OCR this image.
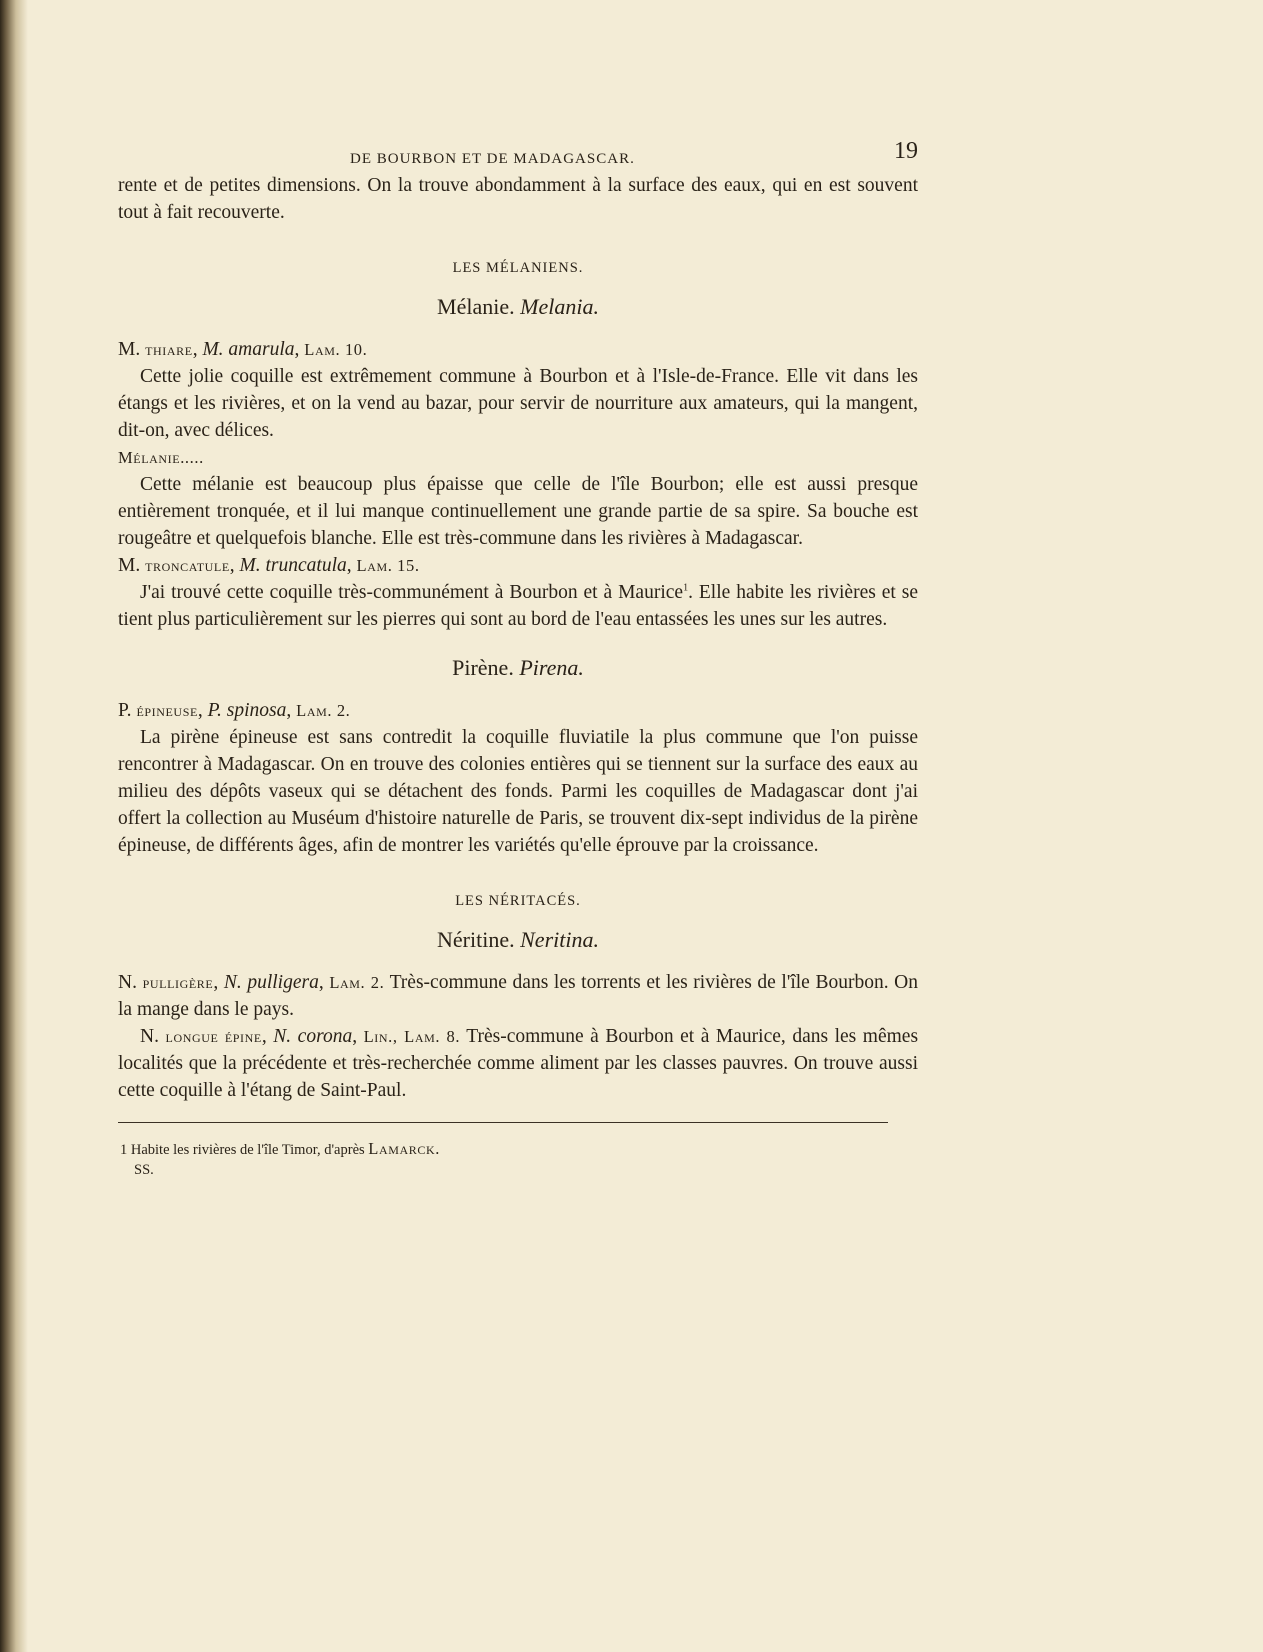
DE BOURBON ET DE MADAGASCAR.	19

rente et de petites dimensions. On la trouve abondamment à la surface des eaux, qui en est souvent tout à fait recouverte.

LES MÉLANIENS.
Mélanie. Melania.

M. thiare, M. amarula, Lam. 10.

Cette jolie coquille est extrêmement commune à Bourbon et à l'Isle-de-France. Elle vit dans les étangs et les rivières, et on la vend au bazar, pour servir de nourriture aux amateurs, qui la mangent, dit-on, avec délices.

Mélanie.....

Cette mélanie est beaucoup plus épaisse que celle de l'île Bourbon; elle est aussi presque entièrement tronquée, et il lui manque continuellement une grande partie de sa spire. Sa bouche est rougeâtre et quelquefois blanche. Elle est très-commune dans les rivières à Madagascar.

M. troncatule, M. truncatula, Lam. 15.

J'ai trouvé cette coquille très-communément à Bourbon et à Maurice$^1$. Elle habite les rivières et se tient plus particulièrement sur les pierres qui sont au bord de l'eau entassées les unes sur les autres.

Pirène. Pirena.

P. épineuse, P. spinosa, Lam. 2.

La pirène épineuse est sans contredit la coquille fluviatile la plus commune que l'on puisse rencontrer à Madagascar. On en trouve des colonies entières qui se tiennent sur la surface des eaux au milieu des dépôts vaseux qui se détachent des fonds. Parmi les coquilles de Madagascar dont j'ai offert la collection au Muséum d'histoire naturelle de Paris, se trouvent dix-sept individus de la pirène épineuse, de différents âges, afin de montrer les variétés qu'elle éprouve par la croissance.

LES NÉRITACÉS.
Néritine. Neritina.

N. pulligère, N. pulligera, Lam. 2. Très-commune dans les torrents et les rivières de l'île Bourbon. On la mange dans le pays.

N. longue épine, N. corona, Lin., Lam. 8. Très-commune à Bourbon et à Maurice, dans les mêmes localités que la précédente et très-recherchée comme aliment par les classes pauvres. On trouve aussi cette coquille à l'étang de Saint-Paul.

1 Habite les rivières de l'île Timor, d'après Lamarck.
SS.
